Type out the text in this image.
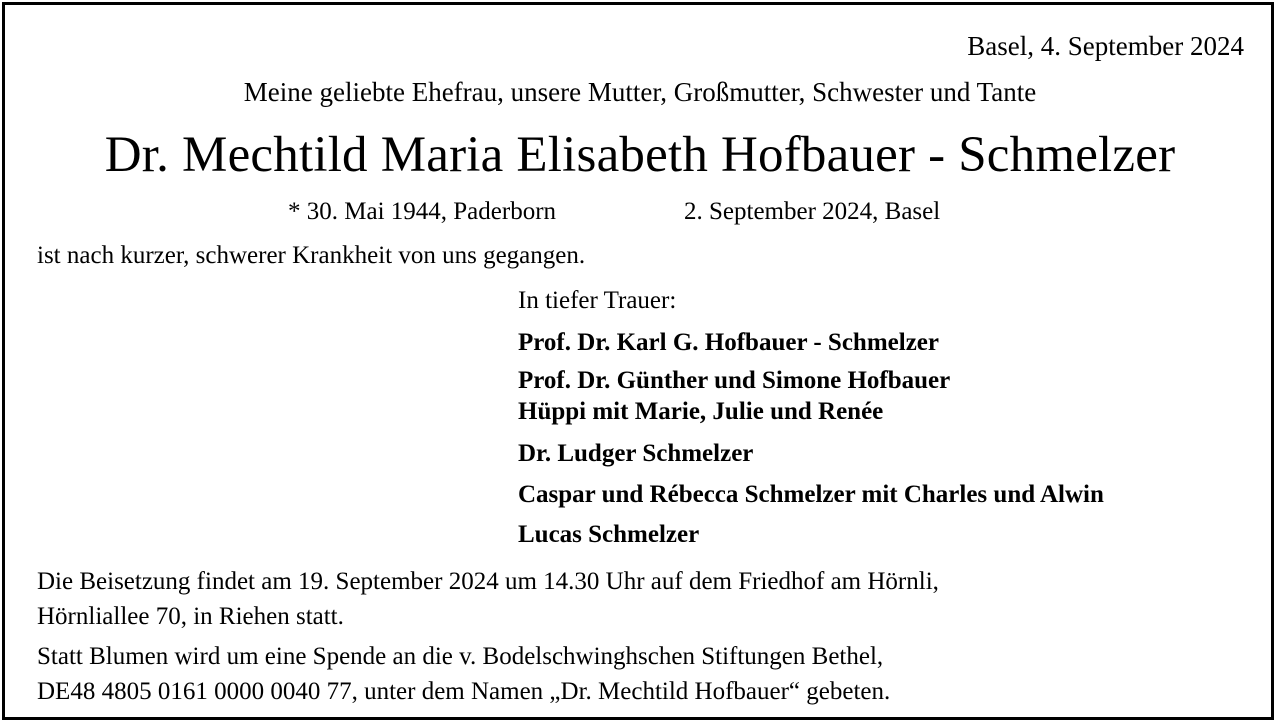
Basel, 4. September 2024
Meine geliebte Ehefrau, unsere Mutter, Großmutter, Schwester und Tante
Dr. Mechtild Maria Elisabeth Hofbauer - Schmelzer
* 30. Mai 1944, Paderborn	2. September 2024, Basel
ist nach kurzer, schwerer Krankheit von uns gegangen.
In tiefer Trauer:
Prof. Dr. Karl G. Hofbauer - Schmelzer
Prof. Dr. Günther und Simone Hofbauer
Hüppi mit Marie, Julie und Renée
Dr. Ludger Schmelzer
Caspar und Rébecca Schmelzer mit Charles und Alwin
Lucas Schmelzer
Die Beisetzung findet am 19. September 2024 um 14.30 Uhr auf dem Friedhof am Hörnli,
Hörnliallee 70, in Riehen statt.
Statt Blumen wird um eine Spende an die v. Bodelschwinghschen Stiftungen Bethel,
DE48 4805 0161 0000 0040 77, unter dem Namen „Dr. Mechtild Hofbauer“ gebeten.
